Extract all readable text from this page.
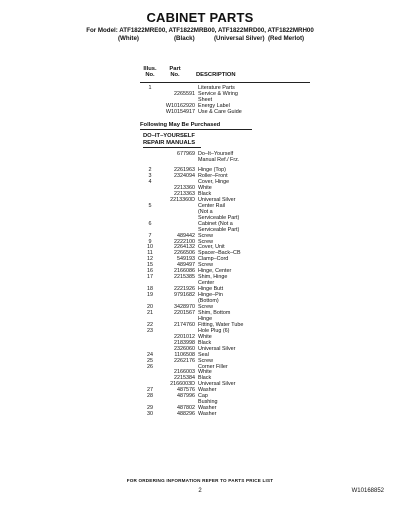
CABINET PARTS
For Model: ATF1822MRE00, ATF1822MRB00, ATF1822MRD00, ATF1822MRH00
(White)	(Black)	(Universal Silver) (Red Merlot)
Illus.
No.
Part
No.	DESCRIPTION
1	Literature Parts
2265591 Service & Wiring
Sheet
W10162920 Energy Label
W10154917 Use & Care Guide
Following May Be Purchased
DO–IT–YOURSELF
REPAIR MANUALS
677969 Do–It–Yourself
Manual Ref./ Frz.
2	2261963 Hinge (Top)
3	2324094 Roller–Front
4	Cover, Hinge
2213360 White
2213363 Black
2213360D Universal Silver
5	Center Rail
(Not a
Serviceable Part)
6	Cabinet (Not a
Serviceable Part)
7	489442 Screw
9	2222100 Screw
10	2264132 Cover, Unit
11	2266506 Spacer–Back–CB
12	549193 Clamp–Cord
15	489497 Screw
16	2166086 Hinge, Center
17	2215385 Shim, Hinge
Center
18	2221926 Hinge Butt
19	9791682 Hinge–Pin
(Bottom)
20	3428970 Screw
21	2201567 Shim, Bottom
Hinge
22	2174760 Fitting, Water Tube
23	Hole Plug (6)
2201012 White
2183998 Black
2326060 Universal Silver
24	1106508 Seal
25	2262176 Screw
26	Corner Filler
2166003 White
2215384 Black
2166003D Universal Silver
27	487576 Washer
28	487996 Cap
Bushing
29	487802 Washer
30	488296 Washer
FOR ORDERING INFORMATION REFER TO PARTS PRICE LIST
2	W10168852
